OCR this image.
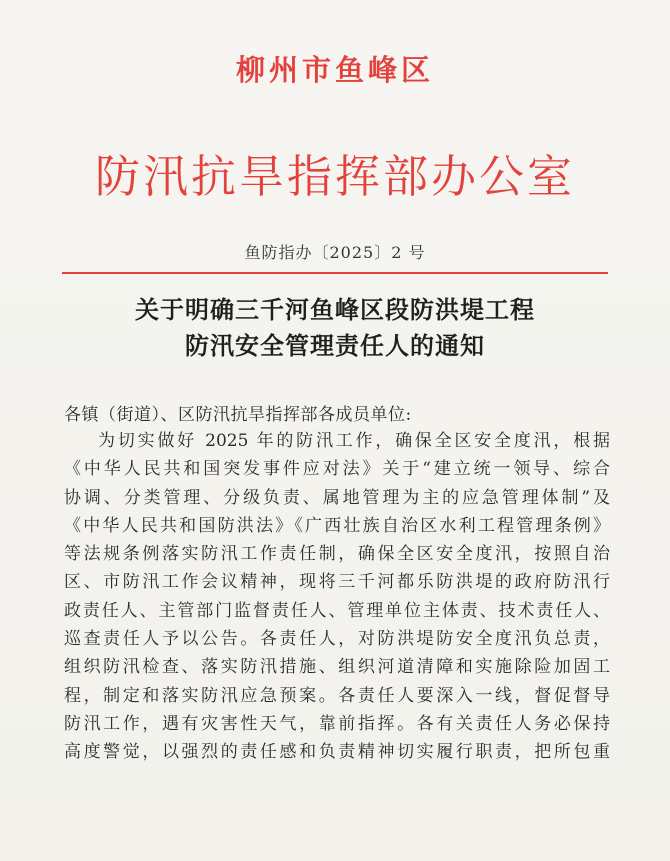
柳州市鱼峰区
防汛抗旱指挥部办公室
鱼防指办〔2025〕2 号
关于明确三千河鱼峰区段防洪堤工程
防汛安全管理责任人的通知
各镇（街道）、区防汛抗旱指挥部各成员单位:
为切实做好 2025 年的防汛工作，确保全区安全度汛，根据
《中华人民共和国突发事件应对法》关于“建立统一领导、综合
协调、分类管理、分级负责、属地管理为主的应急管理体制”及
《中华人民共和国防洪法》《广西壮族自治区水利工程管理条例》
等法规条例落实防汛工作责任制，确保全区安全度汛，按照自治
区、市防汛工作会议精神，现将三千河都乐防洪堤的政府防汛行
政责任人、主管部门监督责任人、管理单位主体责、技术责任人、
巡查责任人予以公告。各责任人，对防洪堤防安全度汛负总责，
组织防汛检查、落实防汛措施、组织河道清障和实施除险加固工
程，制定和落实防汛应急预案。各责任人要深入一线，督促督导
防汛工作，遇有灾害性天气，靠前指挥。各有关责任人务必保持
高度警觉，以强烈的责任感和负责精神切实履行职责，把所包重
